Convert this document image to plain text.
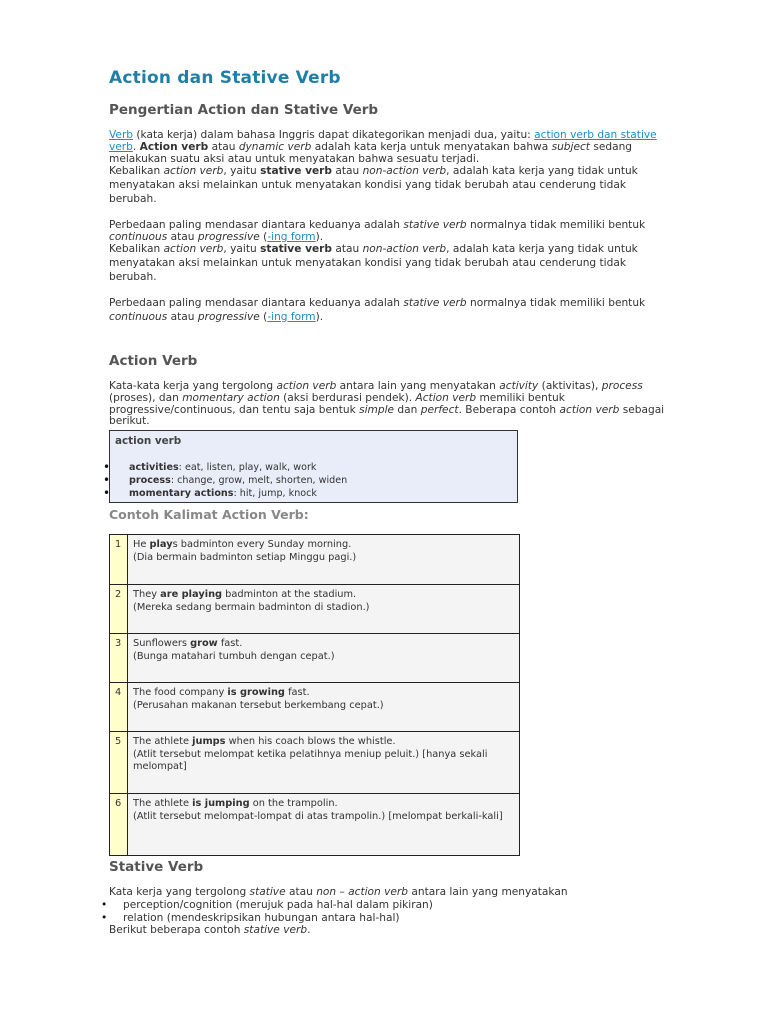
Action dan Stative Verb
Pengertian Action dan Stative Verb

Verb (kata kerja) dalam bahasa Inggris dapat dikategorikan menjadi dua, yaitu: action verb dan stative verb. Action verb atau dynamic verb adalah kata kerja untuk menyatakan bahwa subject sedang melakukan suatu aksi atau untuk menyatakan bahwa sesuatu terjadi.

Kebalikan action verb, yaitu stative verb atau non-action verb, adalah kata kerja yang tidak untuk menyatakan aksi melainkan untuk menyatakan kondisi yang tidak berubah atau cenderung tidak berubah.

Perbedaan paling mendasar diantara keduanya adalah stative verb normalnya tidak memiliki bentuk continuous atau progressive (-ing form).

Kebalikan action verb, yaitu stative verb atau non-action verb, adalah kata kerja yang tidak untuk menyatakan aksi melainkan untuk menyatakan kondisi yang tidak berubah atau cenderung tidak berubah.

Perbedaan paling mendasar diantara keduanya adalah stative verb normalnya tidak memiliki bentuk continuous atau progressive (-ing form).

Action Verb

Kata-kata kerja yang tergolong action verb antara lain yang menyatakan activity (aktivitas), process (proses), dan momentary action (aksi berdurasi pendek). Action verb memiliki bentuk progressive/continuous, dan tentu saja bentuk simple dan perfect. Beberapa contoh action verb sebagai berikut.

action verb
• activities: eat, listen, play, walk, work
• process: change, grow, melt, shorten, widen
• momentary actions: hit, jump, knock
Contoh Kalimat Action Verb:
1	He plays badminton every Sunday morning.
(Dia bermain badminton setiap Minggu pagi.)
2	They are playing badminton at the stadium.
(Mereka sedang bermain badminton di stadion.)
3	Sunflowers grow fast.
(Bunga matahari tumbuh dengan cepat.)
4	The food company is growing fast.
(Perusahan makanan tersebut berkembang cepat.)
5	The athlete jumps when his coach blows the whistle.
(Atlit tersebut melompat ketika pelatihnya meniup peluit.) [hanya sekali melompat]
6	The athlete is jumping on the trampolin.
(Atlit tersebut melompat-lompat di atas trampolin.) [melompat berkali-kali]
Stative Verb

Kata kerja yang tergolong stative atau non – action verb antara lain yang menyatakan

• perception/cognition (merujuk pada hal-hal dalam pikiran)
• relation (mendeskripsikan hubungan antara hal-hal)

Berikut beberapa contoh stative verb.
